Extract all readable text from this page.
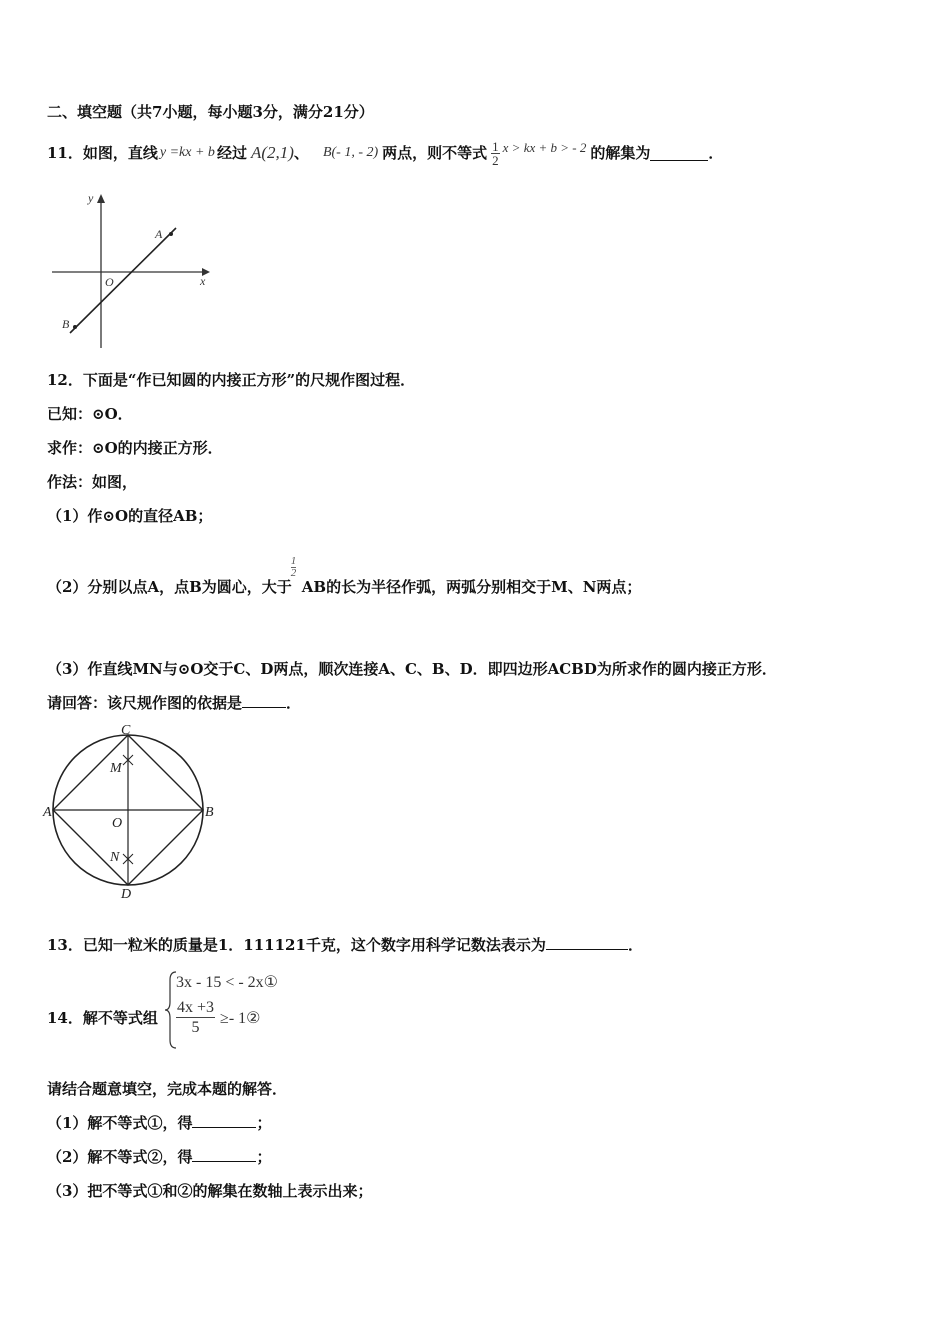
二、填空题（共7小题，每小题3分，满分21分）
11． 如图，直线 y =kx + b 经过 A(2,1) 、 B(- 1, - 2) 两点，则不等式 $\frac{1}{2}$ x > kx + b > - 2 的解集为	．
y
x
O
A
B
12．下面是“作已知圆的内接正方形”的尺规作图过程．
已知：⊙O．
求作：⊙O的内接正方形．
作法：如图，
（1）作⊙O的直径AB；
（2）分别以点A，点B为圆心，大于
$\frac{1}{2}$
AB的长为半径作弧，两弧分别相交于M、N两点；
（3）作直线MN与⊙O交于C、D两点，顺次连接A、C、B、D．即四边形ACBD为所求作的圆内接正方形．
请回答：该尺规作图的依据是	．
C
M
A	B
O
N
D
13．已知一粒米的质量是1．111121千克，这个数字用科学记数法表示为	．
14．解不等式组
3x - 15 < - 2x①
$\frac{4x +3}{5}$ ≥- 1②
请结合题意填空，完成本题的解答．
（1）解不等式①，得	；
（2）解不等式②，得	；
（3）把不等式①和②的解集在数轴上表示出来；
